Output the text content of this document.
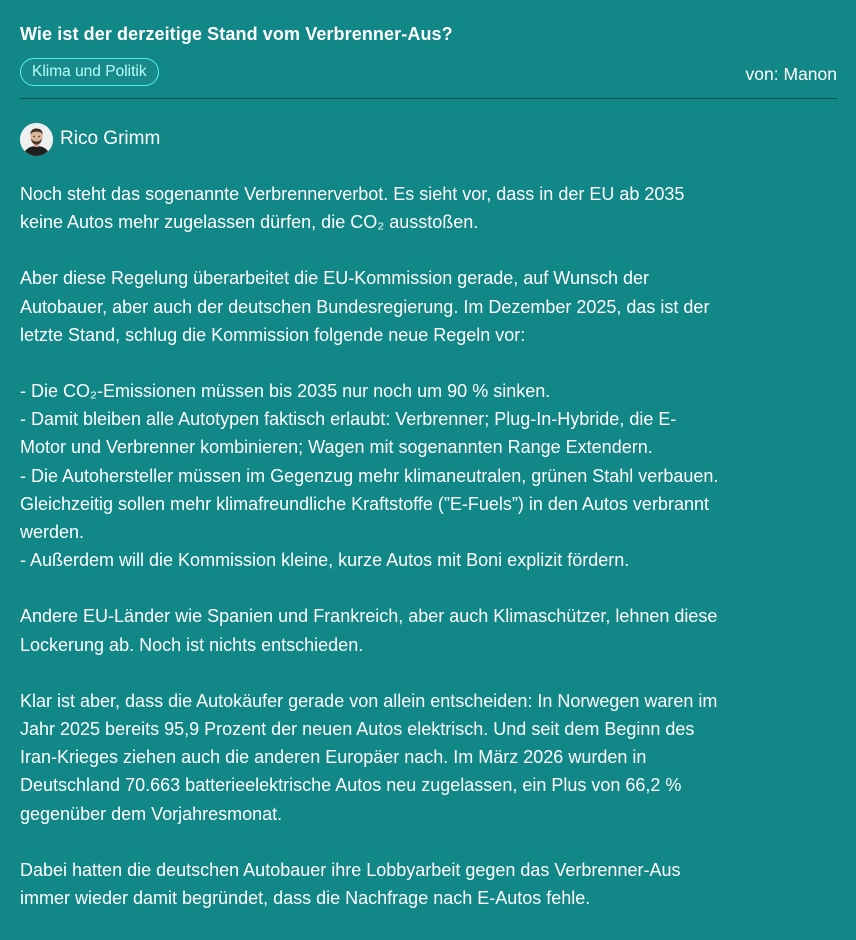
Wie ist der derzeitige Stand vom Verbrenner-Aus?
Klima und Politik	von: Manon
Rico Grimm

Noch steht das sogenannte Verbrennerverbot. Es sieht vor, dass in der EU ab 2035
keine Autos mehr zugelassen dürfen, die CO₂ ausstoßen.

Aber diese Regelung überarbeitet die EU-Kommission gerade, auf Wunsch der
Autobauer, aber auch der deutschen Bundesregierung. Im Dezember 2025, das ist der
letzte Stand, schlug die Kommission folgende neue Regeln vor:

- Die CO₂-Emissionen müssen bis 2035 nur noch um 90 % sinken.
- Damit bleiben alle Autotypen faktisch erlaubt: Verbrenner; Plug-In-Hybride, die E-
Motor und Verbrenner kombinieren; Wagen mit sogenannten Range Extendern.
- Die Autohersteller müssen im Gegenzug mehr klimaneutralen, grünen Stahl verbauen.
Gleichzeitig sollen mehr klimafreundliche Kraftstoffe (”E-Fuels”) in den Autos verbrannt
werden.
- Außerdem will die Kommission kleine, kurze Autos mit Boni explizit fördern.

Andere EU-Länder wie Spanien und Frankreich, aber auch Klimaschützer, lehnen diese
Lockerung ab. Noch ist nichts entschieden.

Klar ist aber, dass die Autokäufer gerade von allein entscheiden: In Norwegen waren im
Jahr 2025 bereits 95,9 Prozent der neuen Autos elektrisch. Und seit dem Beginn des
Iran-Krieges ziehen auch die anderen Europäer nach. Im März 2026 wurden in
Deutschland 70.663 batterieelektrische Autos neu zugelassen, ein Plus von 66,2 %
gegenüber dem Vorjahresmonat.

Dabei hatten die deutschen Autobauer ihre Lobbyarbeit gegen das Verbrenner-Aus
immer wieder damit begründet, dass die Nachfrage nach E-Autos fehle.
